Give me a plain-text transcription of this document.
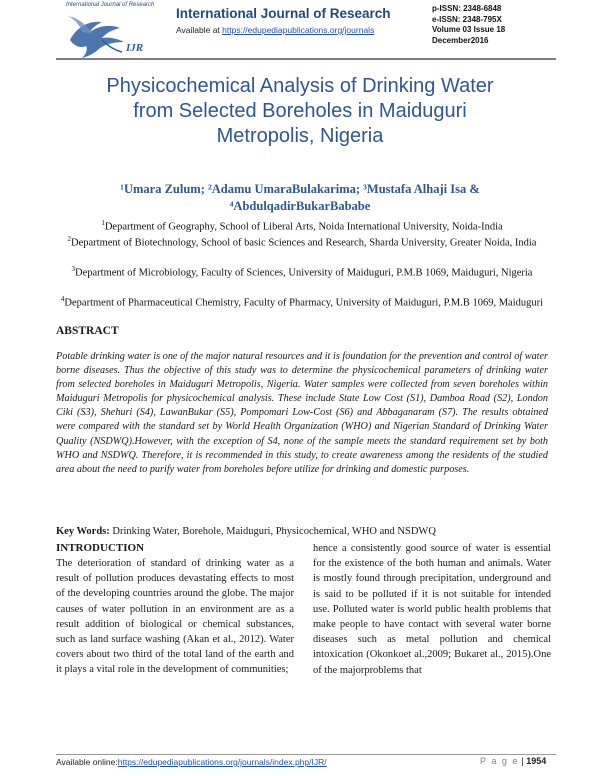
International Journal of Research
IJR
International Journal of Research
Available at https://edupediapublications.org/journals
p-ISSN: 2348-6848
e-ISSN: 2348-795X
Volume 03 Issue 18
December2016
Physicochemical Analysis of Drinking Water
from Selected Boreholes in Maiduguri
Metropolis, Nigeria
¹Umara Zulum; ²Adamu UmaraBulakarima; ³Mustafa Alhaji Isa &
⁴AbdulqadirBukarBababe
$^1$Department of Geography, School of Liberal Arts, Noida International University, Noida-India
$^2$Department of Biotechnology, School of basic Sciences and Research, Sharda University, Greater Noida, India
$^3$Department of Microbiology, Faculty of Sciences, University of Maiduguri, P.M.B 1069, Maiduguri, Nigeria
$^4$Department of Pharmaceutical Chemistry, Faculty of Pharmacy, University of Maiduguri, P.M.B 1069, Maiduguri
ABSTRACT
Potable drinking water is one of the major natural resources and it is foundation for the prevention and control of water borne diseases. Thus the objective of this study was to determine the physicochemical parameters of drinking water from selected boreholes in Maiduguri Metropolis, Nigeria. Water samples were collected from seven boreholes within Maiduguri Metropolis for physicochemical analysis. These include State Low Cost (S1), Damboa Road (S2), London Ciki (S3), Shehuri (S4), LawanBukar (S5), Pompomari Low-Cost (S6) and Abbaganaram (S7). The results obtained were compared with the standard set by World Health Organization (WHO) and Nigerian Standard of Drinking Water Quality (NSDWQ).However, with the exception of S4, none of the sample meets the standard requirement set by both WHO and NSDWQ. Therefore, it is recommended in this study, to create awareness among the residents of the studied area about the need to purify water from boreholes before utilize for drinking and domestic purposes.
Key Words: Drinking Water, Borehole, Maiduguri, Physicochemical, WHO and NSDWQ
INTRODUCTION

The deterioration of standard of drinking water as a result of pollution produces devastating effects to most of the developing countries around the globe. The major causes of water pollution in an environment are as a result addition of biological or chemical substances, such as land surface washing (Akan et al., 2012). Water covers about two third of the total land of the earth and it plays a vital role in the development of communities;

hence a consistently good source of water is essential for the existence of the both human and animals. Water is mostly found through precipitation, underground and is said to be polluted if it is not suitable for intended use. Polluted water is world public health problems that make people to have contact with several water borne diseases such as metal pollution and chemical intoxication (Okonkoet al.,2009; Bukaret al., 2015).One of the majorproblems that

Available online:https://edupediapublications.org/journals/index.php/IJR/	P a g e | 1954
